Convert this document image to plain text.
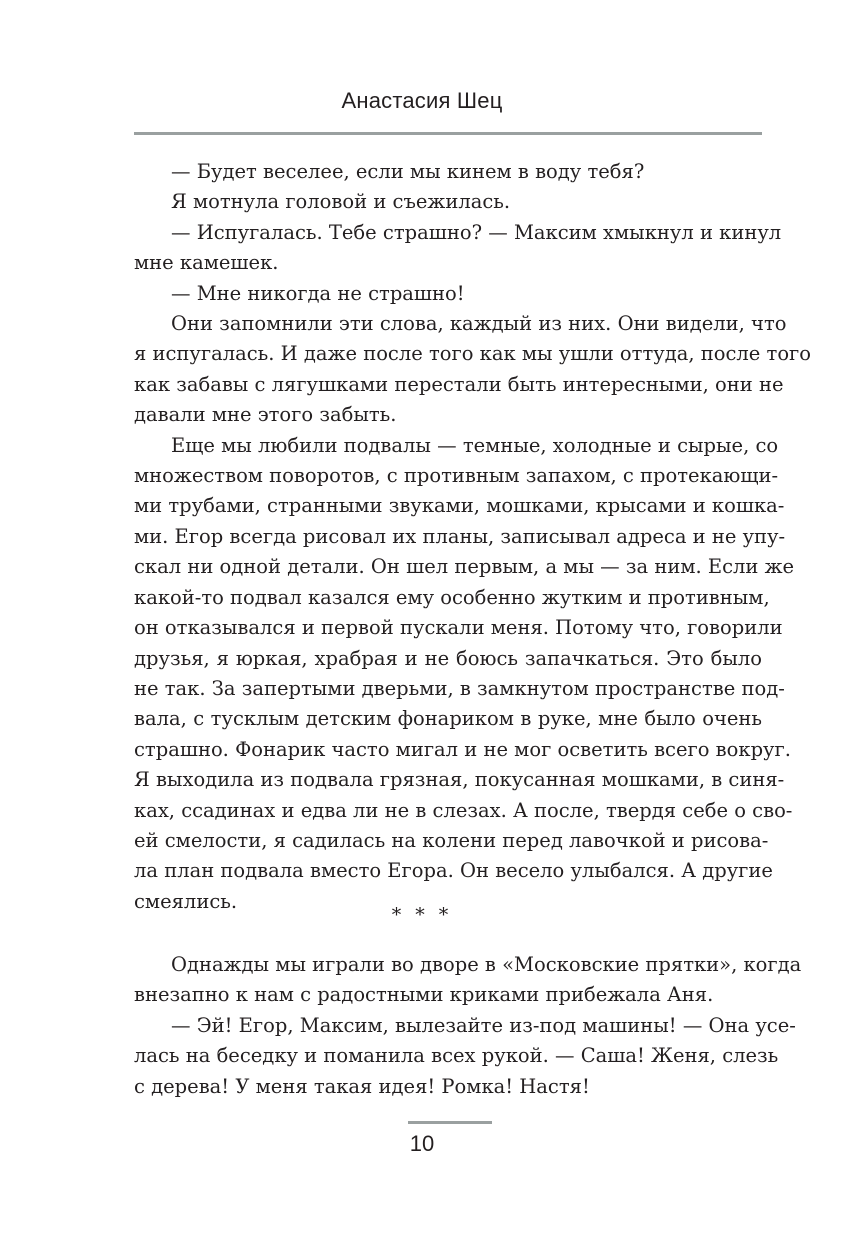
Анастасия Шец
— Будет веселее, если мы кинем в воду тебя?
Я мотнула головой и съежилась.
— Испугалась. Тебе страшно? — Максим хмыкнул и кинул
мне камешек.
— Мне никогда не страшно!
Они запомнили эти слова, каждый из них. Они видели, что
я испугалась. И даже после того как мы ушли оттуда, после того
как забавы с лягушками перестали быть интересными, они не
давали мне этого забыть.
Еще мы любили подвалы — темные, холодные и сырые, со
множеством поворотов, с противным запахом, с протекающи-
ми трубами, странными звуками, мошками, крысами и кошка-
ми. Егор всегда рисовал их планы, записывал адреса и не упу-
скал ни одной детали. Он шел первым, а мы — за ним. Если же
какой-то подвал казался ему особенно жутким и противным,
он отказывался и первой пускали меня. Потому что, говорили
друзья, я юркая, храбрая и не боюсь запачкаться. Это было
не так. За запертыми дверьми, в замкнутом пространстве под-
вала, с тусклым детским фонариком в руке, мне было очень
страшно. Фонарик часто мигал и не мог осветить всего вокруг.
Я выходила из подвала грязная, покусанная мошками, в синя-
ках, ссадинах и едва ли не в слезах. А после, твердя себе о сво-
ей смелости, я садилась на колени перед лавочкой и рисова-
ла план подвала вместо Егора. Он весело улыбался. А другие
смеялись.
* * *
Однажды мы играли во дворе в «Московские прятки», когда
внезапно к нам с радостными криками прибежала Аня.
— Эй! Егор, Максим, вылезайте из-под машины! — Она усе-
лась на беседку и поманила всех рукой. — Саша! Женя, слезь
с дерева! У меня такая идея! Ромка! Настя!
10
